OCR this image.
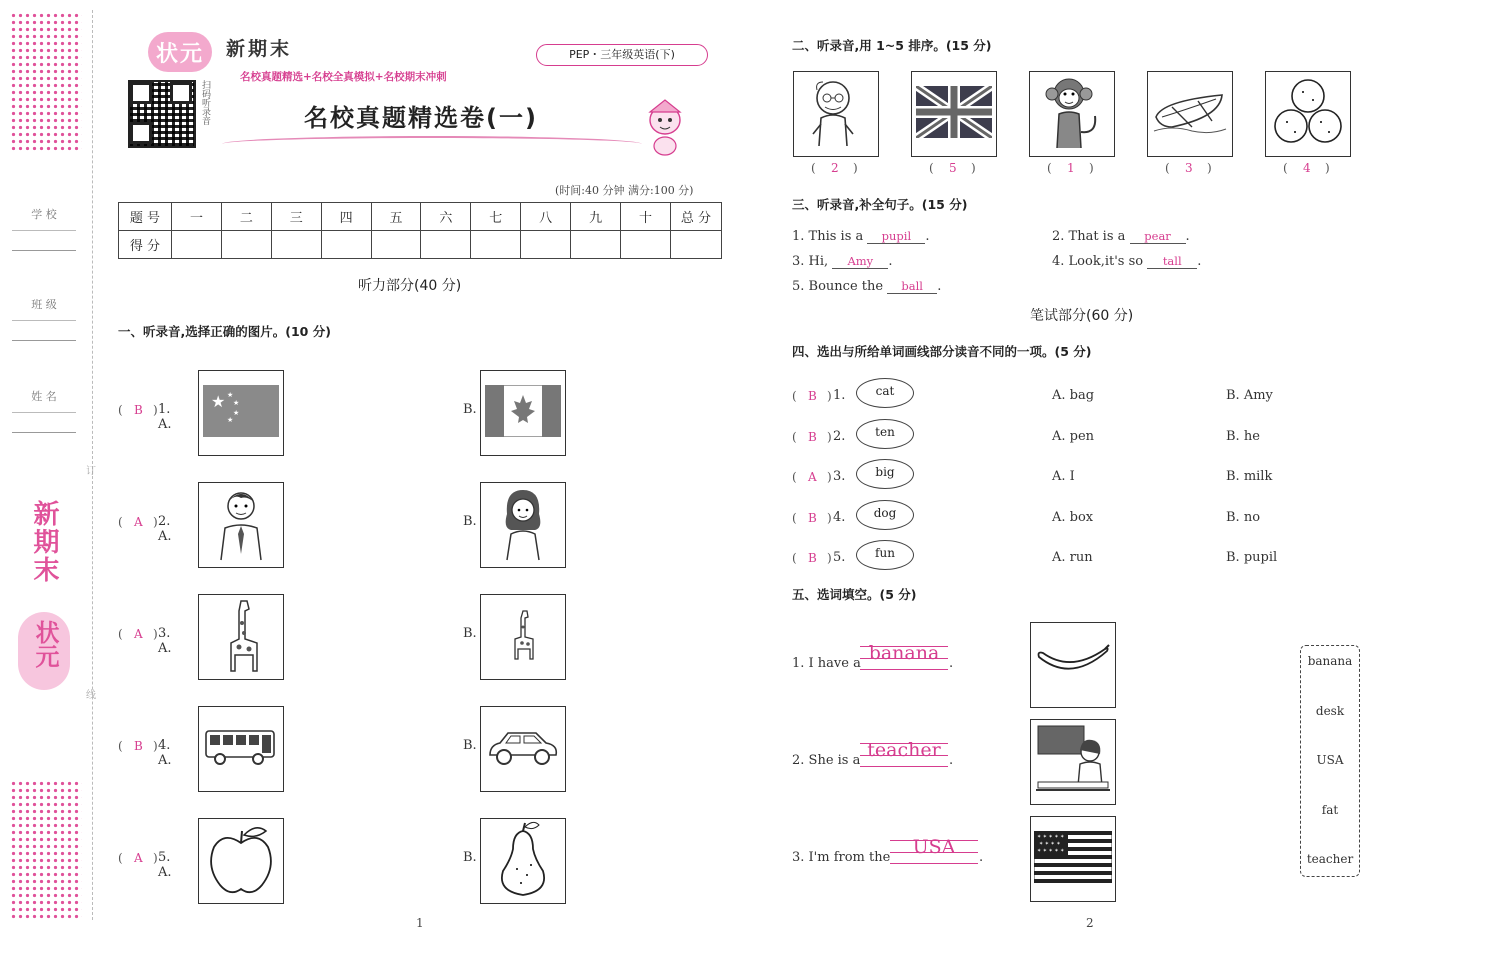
学 校
班 级
姓 名
订
线
新期末
状元
状元 新期末	PEP・三年级英语(下)
名校真题精选+名校全真模拟+名校期末冲刺
扫码听录音	名校真题精选卷(一)
(时间:40 分钟 满分:100 分)
题 号	一	二	三	四	五	六	七	八	九	十	总 分
得 分											
听力部分(40 分)
一、听录音,选择正确的图片。(10 分)
( B ) 1. A.
★ ★
★
★
★
B.
( A ) 2. A.
B.
( A ) 3. A.
B.
( B ) 4. A.
B.
( A ) 5. A.
B.
1
二、听录音,用 1~5 排序。(15 分)
( 2 )	( 5 )	( 1 )	( 3 )	( 4 )
三、听录音,补全句子。(15 分)
1. This is a pupil .	2. That is a pear .
3. Hi, Amy .	4. Look,it's so tall .
5. Bounce the ball .
笔试部分(60 分)
四、选出与所给单词画线部分读音不同的一项。(5 分)
( B ) 1.	cat	A. bag	B. Amy
( B ) 2.	ten	A. pen	B. he
( A ) 3.	big	A. I	B. milk
( B ) 4.	dog	A. box	B. no
( B ) 5.	fun	A. run	B. pupil
五、选词填空。(5 分)
1. I have a banana .
2. She is a teacher .
3. I'm from the	USA	.
✶ ✶ ✶ ✶ ✶
✶ ✶ ✶ ✶
✶ ✶ ✶ ✶ ✶
banana
desk
USA
fat
teacher
2
